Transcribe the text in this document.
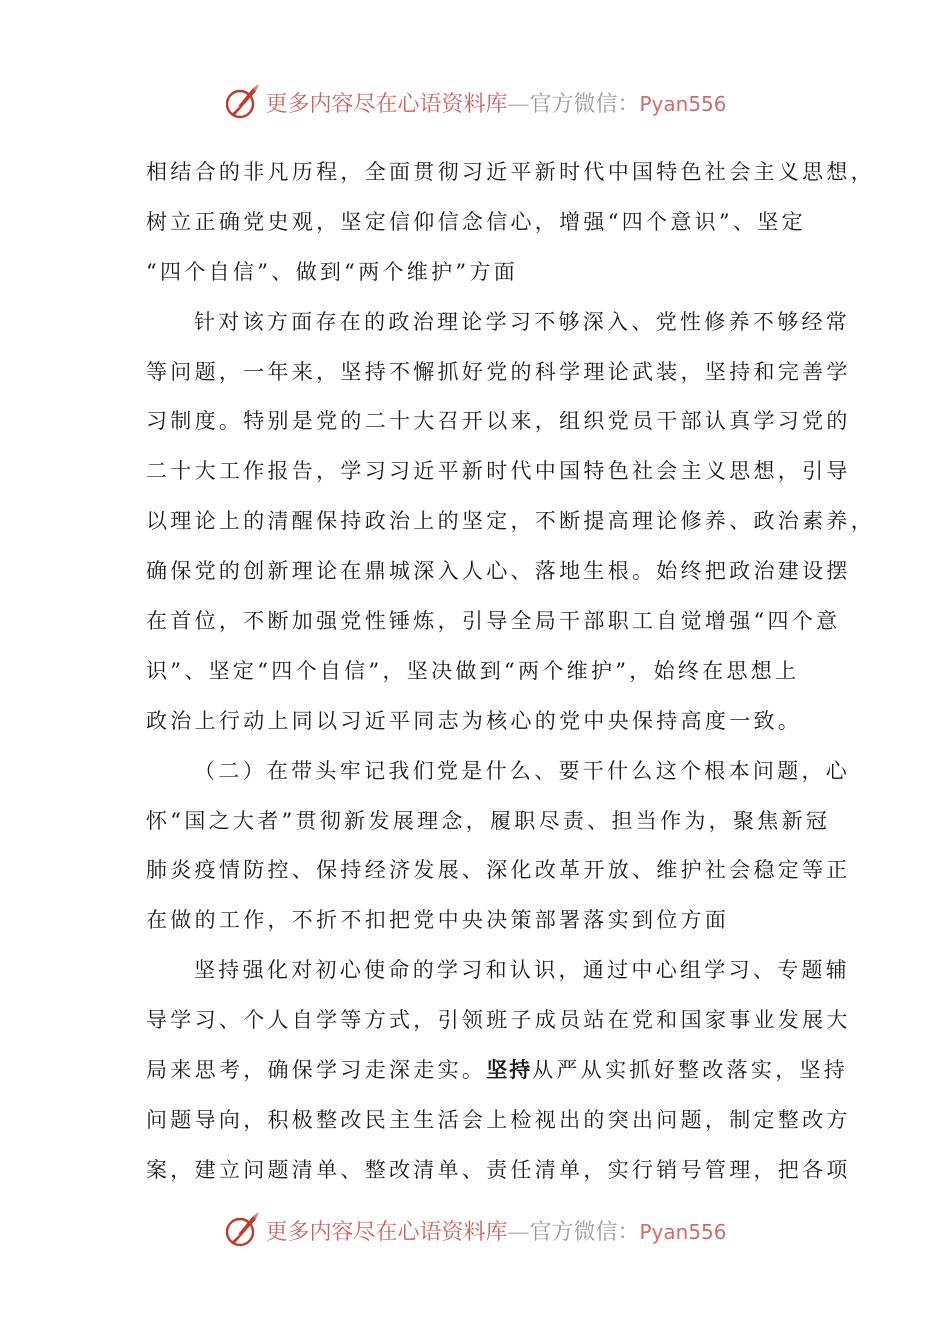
更多内容尽在心语资料库—官方微信：Pyan556
相结合的非凡历程，全面贯彻习近平新时代中国特色社会主义思想，
树立正确党史观，坚定信仰信念信心，增强“四个意识”、坚定
“四个自信”、做到“两个维护”方面
针对该方面存在的政治理论学习不够深入、党性修养不够经常
等问题，一年来，坚持不懈抓好党的科学理论武装，坚持和完善学
习制度。特别是党的二十大召开以来，组织党员干部认真学习党的
二十大工作报告，学习习近平新时代中国特色社会主义思想，引导
以理论上的清醒保持政治上的坚定，不断提高理论修养、政治素养，
确保党的创新理论在鼎城深入人心、落地生根。始终把政治建设摆
在首位，不断加强党性锤炼，引导全局干部职工自觉增强“四个意
识”、坚定“四个自信”，坚决做到“两个维护”，始终在思想上
政治上行动上同以习近平同志为核心的党中央保持高度一致。
（二）在带头牢记我们党是什么、要干什么这个根本问题，心
怀“国之大者”贯彻新发展理念，履职尽责、担当作为，聚焦新冠
肺炎疫情防控、保持经济发展、深化改革开放、维护社会稳定等正
在做的工作，不折不扣把党中央决策部署落实到位方面
坚持强化对初心使命的学习和认识，通过中心组学习、专题辅
导学习、个人自学等方式，引领班子成员站在党和国家事业发展大
局来思考，确保学习走深走实。坚持从严从实抓好整改落实，坚持
问题导向，积极整改民主生活会上检视出的突出问题，制定整改方
案，建立问题清单、整改清单、责任清单，实行销号管理，把各项
更多内容尽在心语资料库—官方微信：Pyan556
